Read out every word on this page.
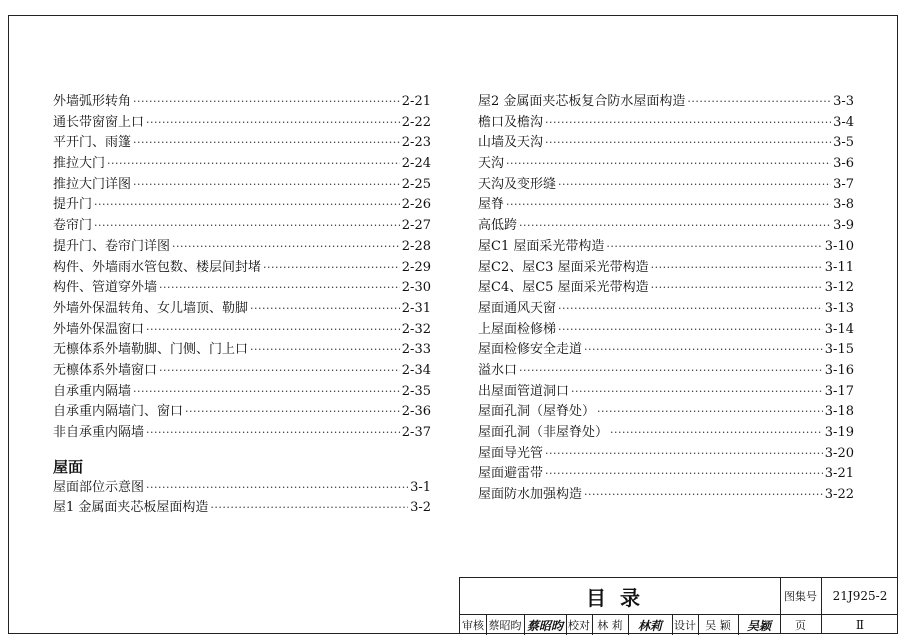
外墙弧形转角 ·····	2-21
通长带窗窗上口 ·····	2-22
平开门、雨篷 ·····	2-23
推拉大门 ·····	2-24
推拉大门详图 ·····	2-25
提升门 ·····	2-26
卷帘门 ·····	2-27
提升门、卷帘门详图 ·····	2-28
构件、外墙雨水管包数、楼层间封堵 ·····	2-29
构件、管道穿外墙 ·····	2-30
外墙外保温转角、女儿墙顶、勒脚 ·····	2-31
外墙外保温窗口 ·····	2-32
无檩体系外墙勒脚、门侧、门上口 ·····	2-33
无檩体系外墙窗口 ·····	2-34
自承重内隔墙 ·····	2-35
自承重内隔墙门、窗口 ·····	2-36
非自承重内隔墙 ·····	2-37
屋面
屋面部位示意图 ·····	3-1
屋1 金属面夹芯板屋面构造 ·····	3-2
屋2 金属面夹芯板复合防水屋面构造 ·····	3-3
檐口及檐沟 ·····	3-4
山墙及天沟 ·····	3-5
天沟 ·····	3-6
天沟及变形缝 ·····	3-7
屋脊 ·····	3-8
高低跨 ·····	3-9
屋C1 屋面采光带构造 ·····	3-10
屋C2、屋C3 屋面采光带构造 ·····	3-11
屋C4、屋C5 屋面采光带构造 ·····	3-12
屋面通风天窗 ·····	3-13
上屋面检修梯 ·····	3-14
屋面检修安全走道 ·····	3-15
溢水口 ·····	3-16
出屋面管道洞口 ·····	3-17
屋面孔洞（屋脊处） ·····	3-18
屋面孔洞（非屋脊处） ·····	3-19
屋面导光管 ·····	3-20
屋面避雷带 ·····	3-21
屋面防水加强构造 ·····	3-22
目录	图集号	21J925-2
审核 蔡昭昀 蔡昭昀 校对 林 莉	林莉	设计 吴 颖	吴颖	页	Ⅱ
